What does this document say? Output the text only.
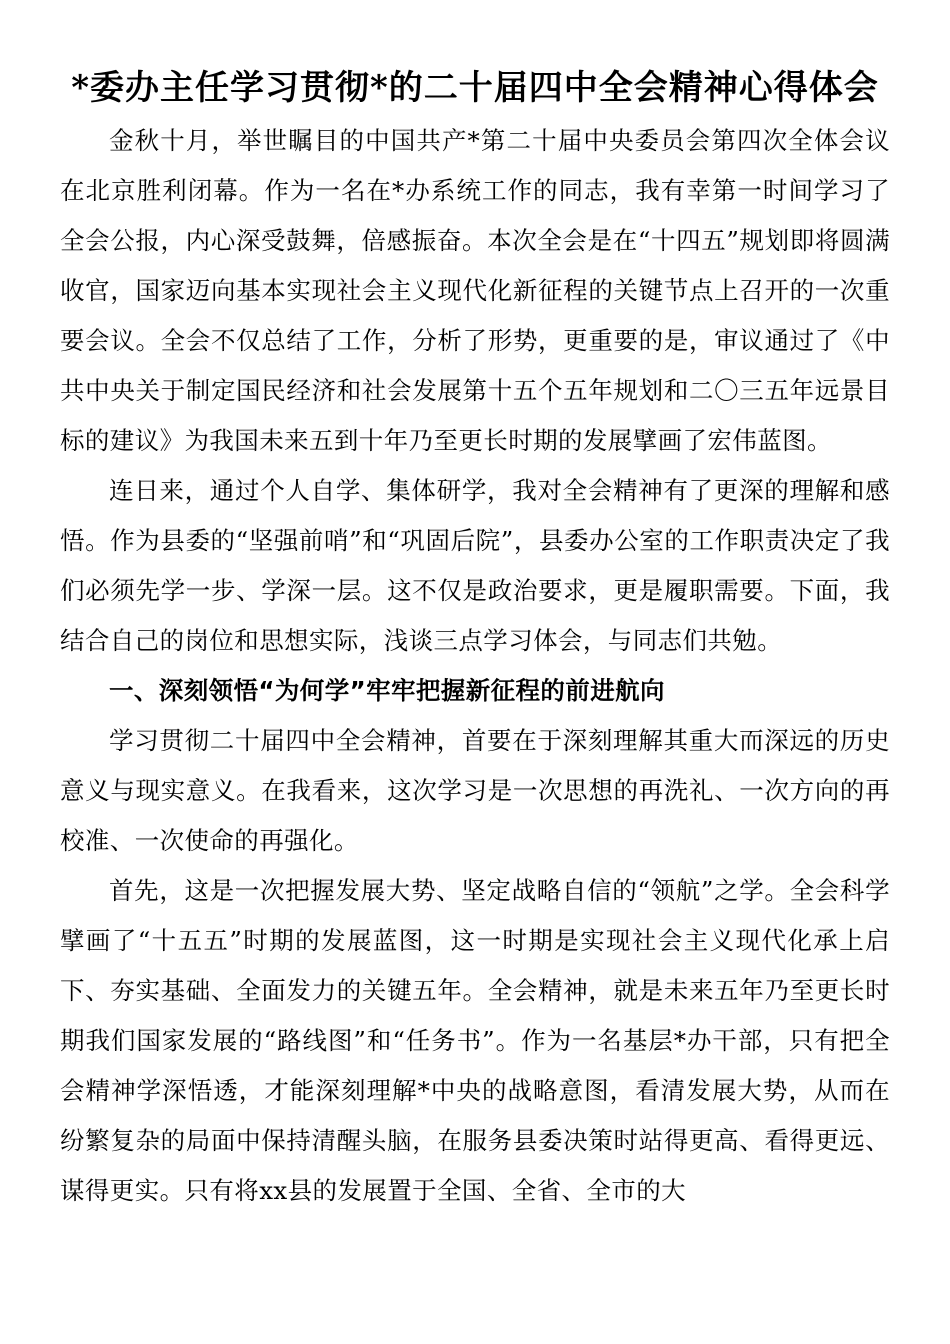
*委办主任学习贯彻*的二十届四中全会精神心得体会

金秋十月，举世瞩目的中国共产*第二十届中央委员会第四次全体会议在北京胜利闭幕。作为一名在*办系统工作的同志，我有幸第一时间学习了全会公报，内心深受鼓舞，倍感振奋。本次全会是在“十四五”规划即将圆满收官，国家迈向基本实现社会主义现代化新征程的关键节点上召开的一次重要会议。全会不仅总结了工作，分析了形势，更重要的是，审议通过了《中共中央关于制定国民经济和社会发展第十五个五年规划和二〇三五年远景目标的建议》为我国未来五到十年乃至更长时期的发展擘画了宏伟蓝图。

连日来，通过个人自学、集体研学，我对全会精神有了更深的理解和感悟。作为县委的“坚强前哨”和“巩固后院”，县委办公室的工作职责决定了我们必须先学一步、学深一层。这不仅是政治要求，更是履职需要。下面，我结合自己的岗位和思想实际，浅谈三点学习体会，与同志们共勉。

一、深刻领悟“为何学”牢牢把握新征程的前进航向

学习贯彻二十届四中全会精神，首要在于深刻理解其重大而深远的历史意义与现实意义。在我看来，这次学习是一次思想的再洗礼、一次方向的再校准、一次使命的再强化。

首先，这是一次把握发展大势、坚定战略自信的“领航”之学。全会科学擘画了“十五五”时期的发展蓝图，这一时期是实现社会主义现代化承上启下、夯实基础、全面发力的关键五年。全会精神，就是未来五年乃至更长时期我们国家发展的“路线图”和“任务书”。作为一名基层*办干部，只有把全会精神学深悟透，才能深刻理解*中央的战略意图，看清发展大势，从而在纷繁复杂的局面中保持清醒头脑，在服务县委决策时站得更高、看得更远、谋得更实。只有将xx县的发展置于全国、全省、全市的大
